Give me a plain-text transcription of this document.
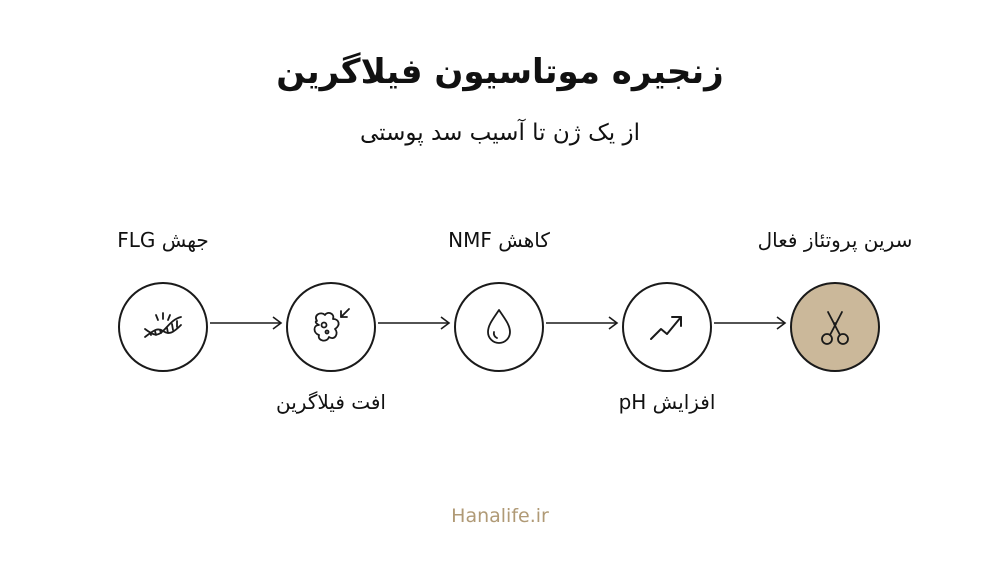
زنجیره موتاسیون فیلاگرین
از یک ژن تا آسیب سد پوستی
جهش FLG
افت فیلاگرین
کاهش NMF
افزایش pH
سرین پروتئاز فعال
Hanalife.ir
